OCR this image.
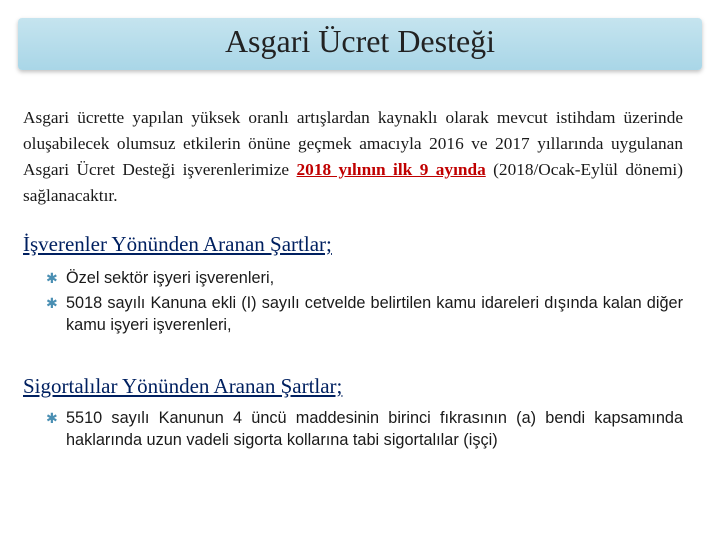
Asgari Ücret Desteği
Asgari ücrette yapılan yüksek oranlı artışlardan kaynaklı olarak mevcut istihdam üzerinde oluşabilecek olumsuz etkilerin önüne geçmek amacıyla 2016 ve 2017 yıllarında uygulanan Asgari Ücret Desteği işverenlerimize 2018 yılının ilk 9 ayında (2018/Ocak-Eylül dönemi) sağlanacaktır.
İşverenler Yönünden Aranan Şartlar;
✱ Özel sektör işyeri işverenleri,
✱ 5018 sayılı Kanuna ekli (I) sayılı cetvelde belirtilen kamu idareleri dışında kalan diğer kamu işyeri işverenleri,
Sigortalılar Yönünden Aranan Şartlar;
✱ 5510 sayılı Kanunun 4 üncü maddesinin birinci fıkrasının (a) bendi kapsamında haklarında uzun vadeli sigorta kollarına tabi sigortalılar (işçi)
